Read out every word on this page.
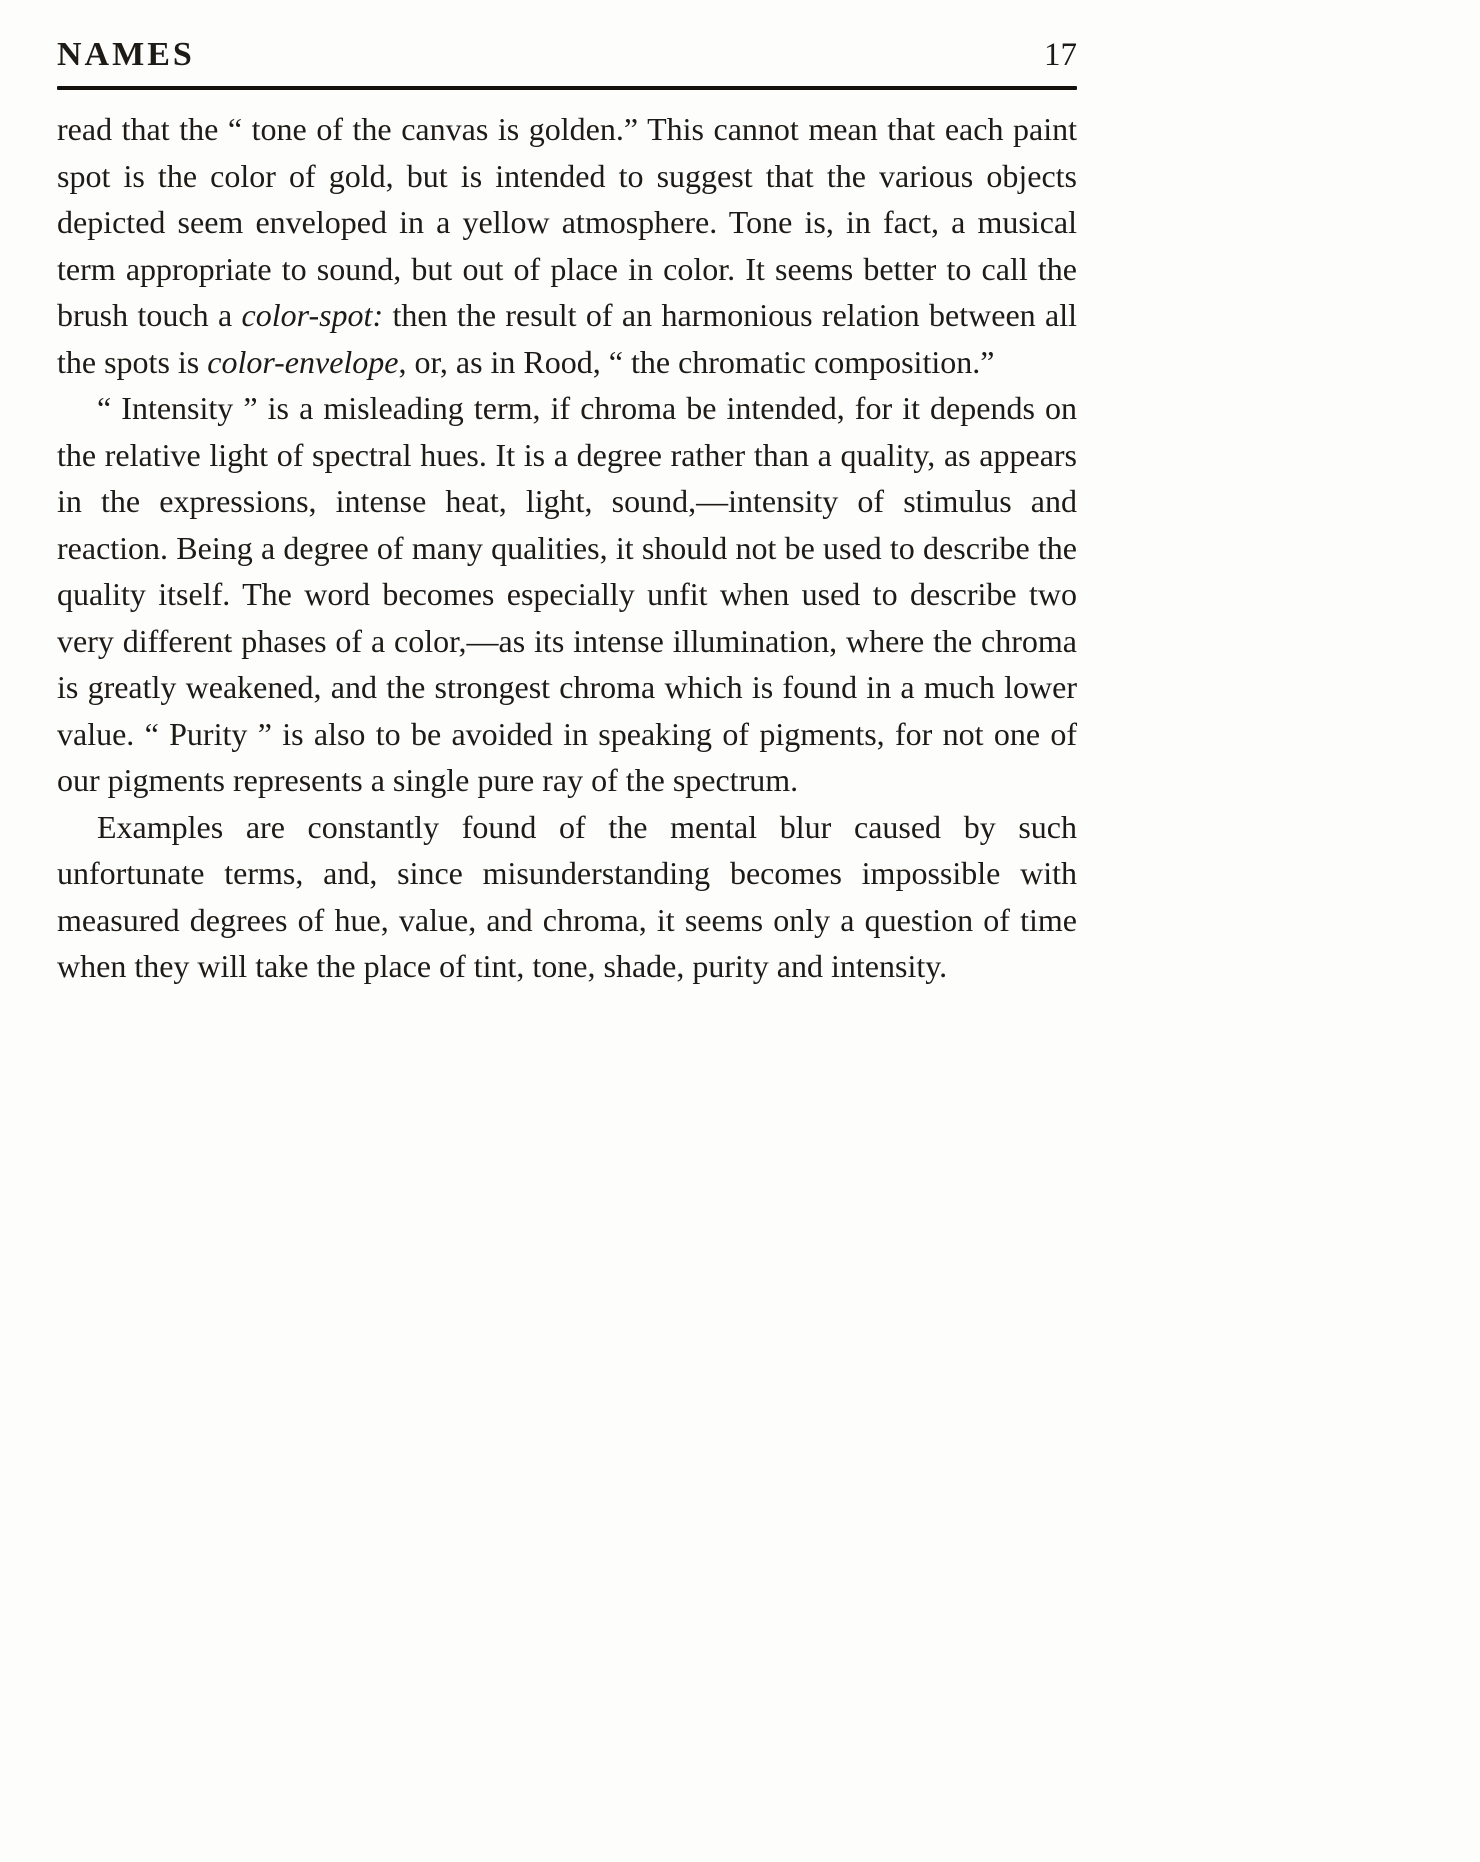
NAMES	17

read that the “ tone of the canvas is golden.” This cannot mean that each paint spot is the color of gold, but is intended to suggest that the various objects depicted seem enveloped in a yellow atmosphere. Tone is, in fact, a musical term appropriate to sound, but out of place in color. It seems better to call the brush touch a color-spot: then the result of an harmonious relation between all the spots is color-envelope, or, as in Rood, “ the chromatic composition.”

“ Intensity ” is a misleading term, if chroma be intended, for it depends on the relative light of spectral hues. It is a degree rather than a quality, as appears in the expressions, intense heat, light, sound,—intensity of stimulus and reaction. Being a degree of many qualities, it should not be used to describe the quality itself. The word becomes especially unfit when used to describe two very different phases of a color,—as its intense illumination, where the chroma is greatly weakened, and the strongest chroma which is found in a much lower value. “ Purity ” is also to be avoided in speaking of pigments, for not one of our pigments represents a single pure ray of the spectrum.

Examples are constantly found of the mental blur caused by such unfortunate terms, and, since misunderstanding becomes impossible with measured degrees of hue, value, and chroma, it seems only a question of time when they will take the place of tint, tone, shade, purity and intensity.
